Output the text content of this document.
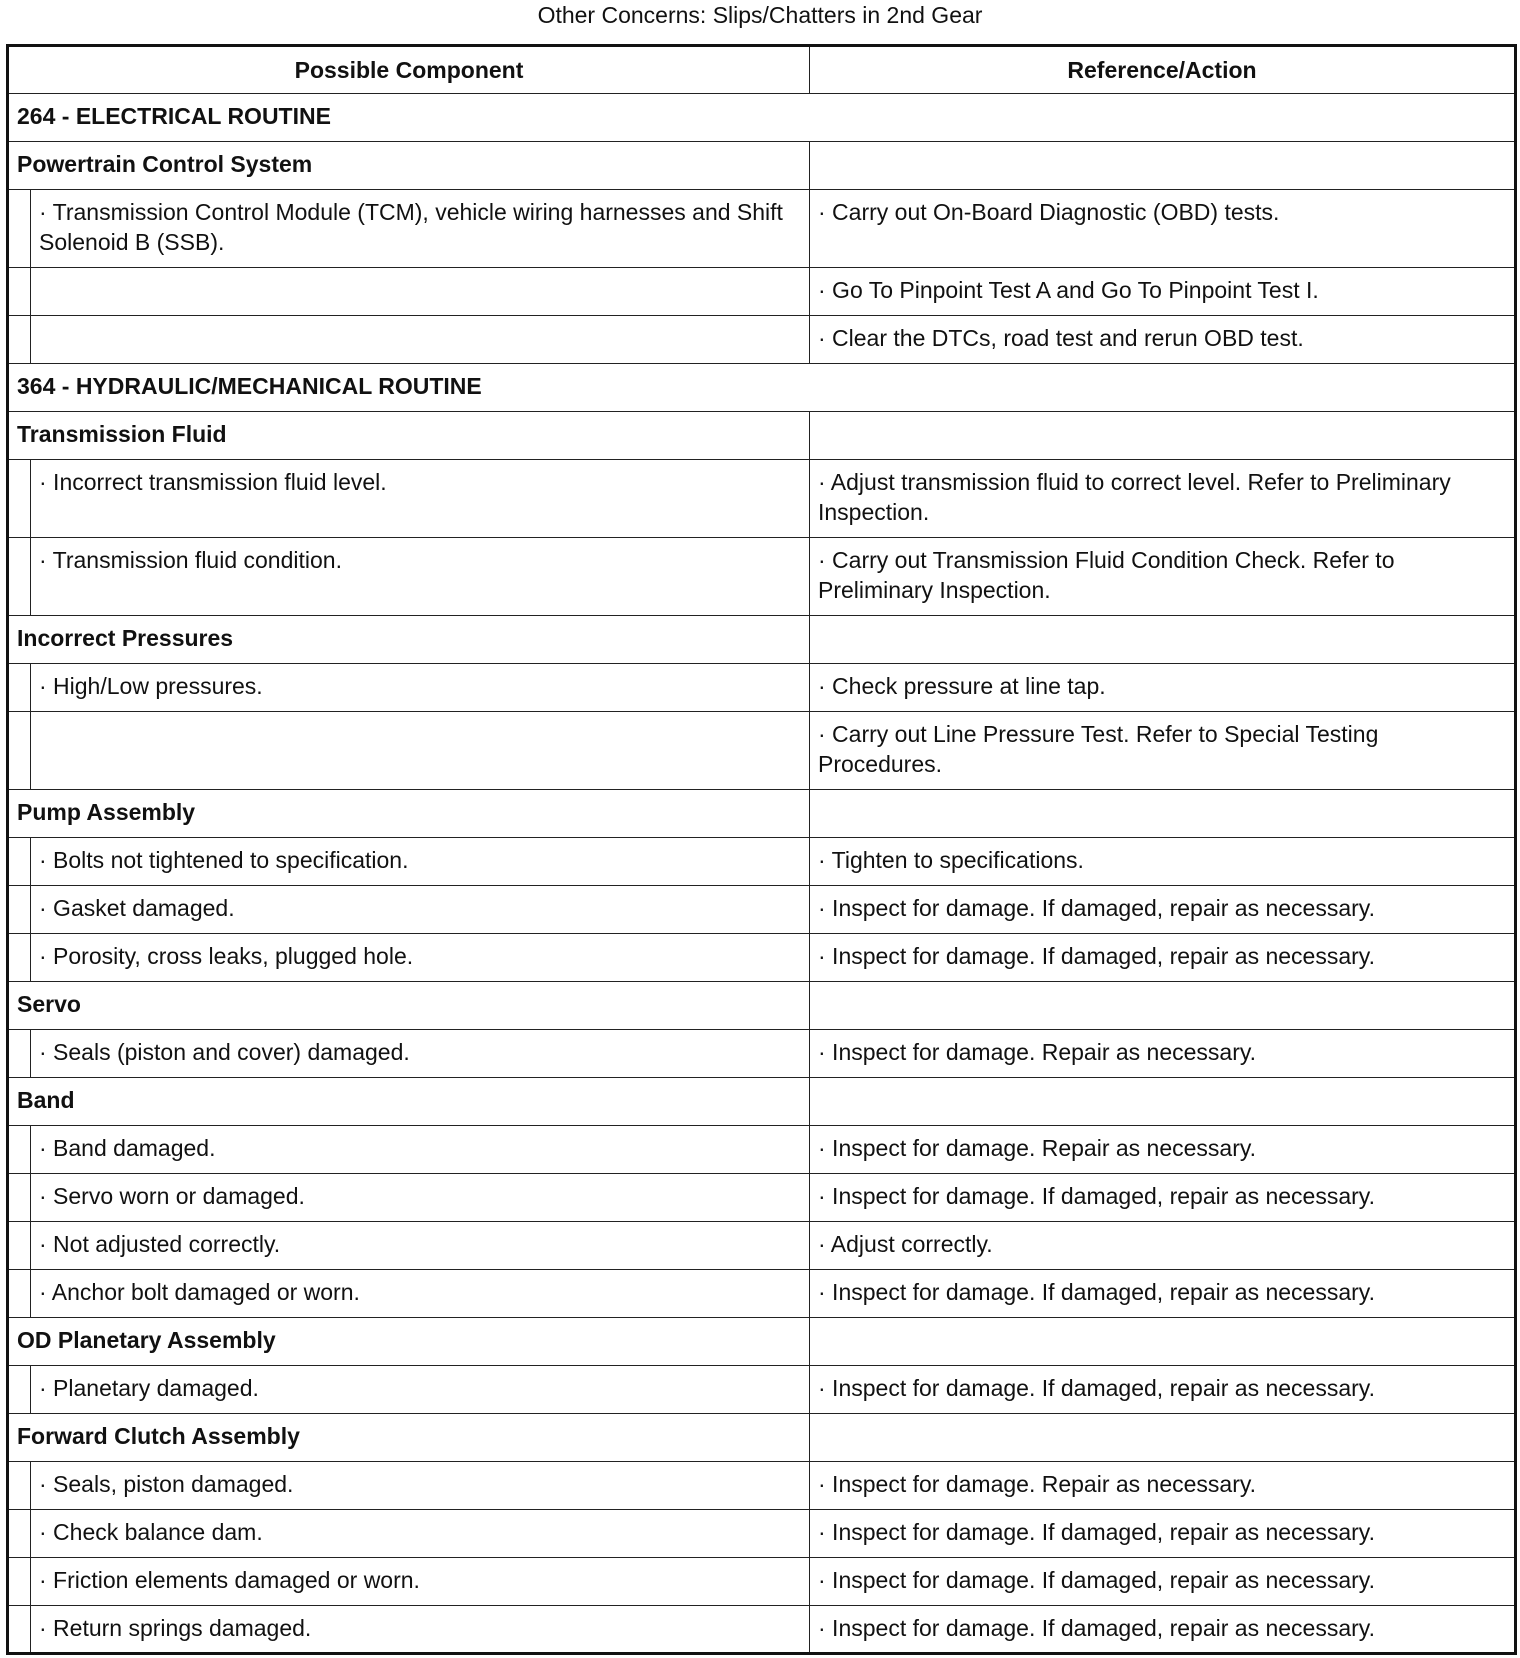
Other Concerns: Slips/Chatters in 2nd Gear
Possible Component		Reference/Action
264 - ELECTRICAL ROUTINE		
Powertrain Control System		
	· Transmission Control Module (TCM), vehicle wiring harnesses and Shift Solenoid B (SSB).	· Carry out On-Board Diagnostic (OBD) tests.
		· Go To Pinpoint Test A and Go To Pinpoint Test I.
		· Clear the DTCs, road test and rerun OBD test.
364 - HYDRAULIC/MECHANICAL ROUTINE		
Transmission Fluid		
	· Incorrect transmission fluid level.	· Adjust transmission fluid to correct level. Refer to Preliminary Inspection.
	· Transmission fluid condition.	· Carry out Transmission Fluid Condition Check. Refer to Preliminary Inspection.
Incorrect Pressures		
	· High/Low pressures.	· Check pressure at line tap.
		· Carry out Line Pressure Test. Refer to Special Testing Procedures.
Pump Assembly		
	· Bolts not tightened to specification.	· Tighten to specifications.
	· Gasket damaged.	· Inspect for damage. If damaged, repair as necessary.
	· Porosity, cross leaks, plugged hole.	· Inspect for damage. If damaged, repair as necessary.
Servo		
	· Seals (piston and cover) damaged.	· Inspect for damage. Repair as necessary.
Band		
	· Band damaged.	· Inspect for damage. Repair as necessary.
	· Servo worn or damaged.	· Inspect for damage. If damaged, repair as necessary.
	· Not adjusted correctly.	· Adjust correctly.
	· Anchor bolt damaged or worn.	· Inspect for damage. If damaged, repair as necessary.
OD Planetary Assembly		
	· Planetary damaged.	· Inspect for damage. If damaged, repair as necessary.
Forward Clutch Assembly		
	· Seals, piston damaged.	· Inspect for damage. Repair as necessary.
	· Check balance dam.	· Inspect for damage. If damaged, repair as necessary.
	· Friction elements damaged or worn.	· Inspect for damage. If damaged, repair as necessary.
	· Return springs damaged.	· Inspect for damage. If damaged, repair as necessary.
